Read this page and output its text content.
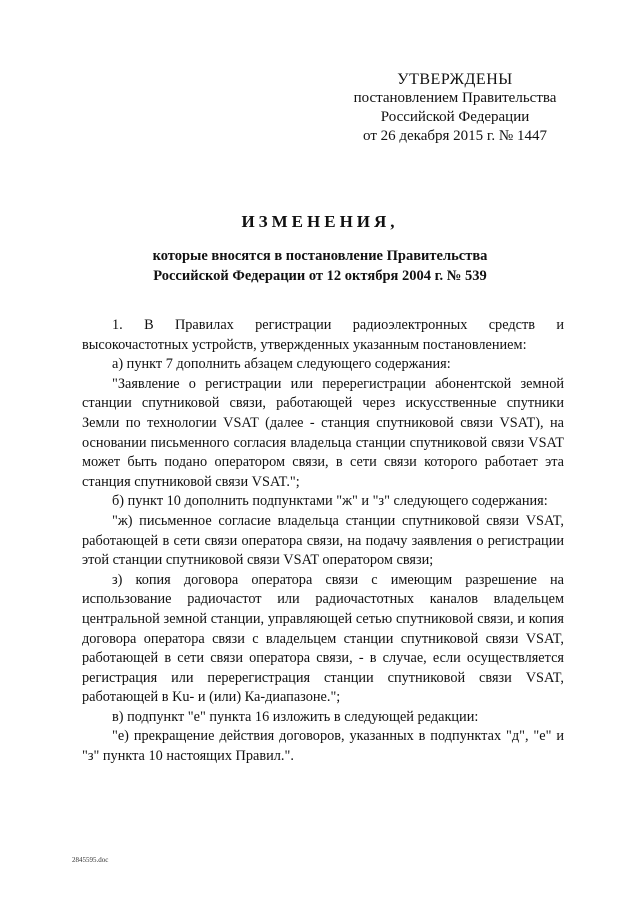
УТВЕРЖДЕНЫ
постановлением Правительства
Российской Федерации
от 26 декабря 2015 г. № 1447
ИЗМЕНЕНИЯ,
которые вносятся в постановление Правительства
Российской Федерации от 12 октября 2004 г. № 539

1. В Правилах регистрации радиоэлектронных средств и высокочастотных устройств, утвержденных указанным постановлением:

а) пункт 7 дополнить абзацем следующего содержания:

"Заявление о регистрации или перерегистрации абонентской земной станции спутниковой связи, работающей через искусственные спутники Земли по технологии VSAT (далее - станция спутниковой связи VSAT), на основании письменного согласия владельца станции спутниковой связи VSAT может быть подано оператором связи, в сети связи которого работает эта станция спутниковой связи VSAT.";

б) пункт 10 дополнить подпунктами "ж" и "з" следующего содержания:

"ж) письменное согласие владельца станции спутниковой связи VSAT, работающей в сети связи оператора связи, на подачу заявления о регистрации этой станции спутниковой связи VSAT оператором связи;

з) копия договора оператора связи с имеющим разрешение на использование радиочастот или радиочастотных каналов владельцем центральной земной станции, управляющей сетью спутниковой связи, и копия договора оператора связи с владельцем станции спутниковой связи VSAT, работающей в сети связи оператора связи, - в случае, если осуществляется регистрация или перерегистрация станции спутниковой связи VSAT, работающей в Ku- и (или) Ка-диапазоне.";

в) подпункт "е" пункта 16 изложить в следующей редакции:

"е) прекращение действия договоров, указанных в подпунктах "д", "е" и "з" пункта 10 настоящих Правил.".

2845595.doc
